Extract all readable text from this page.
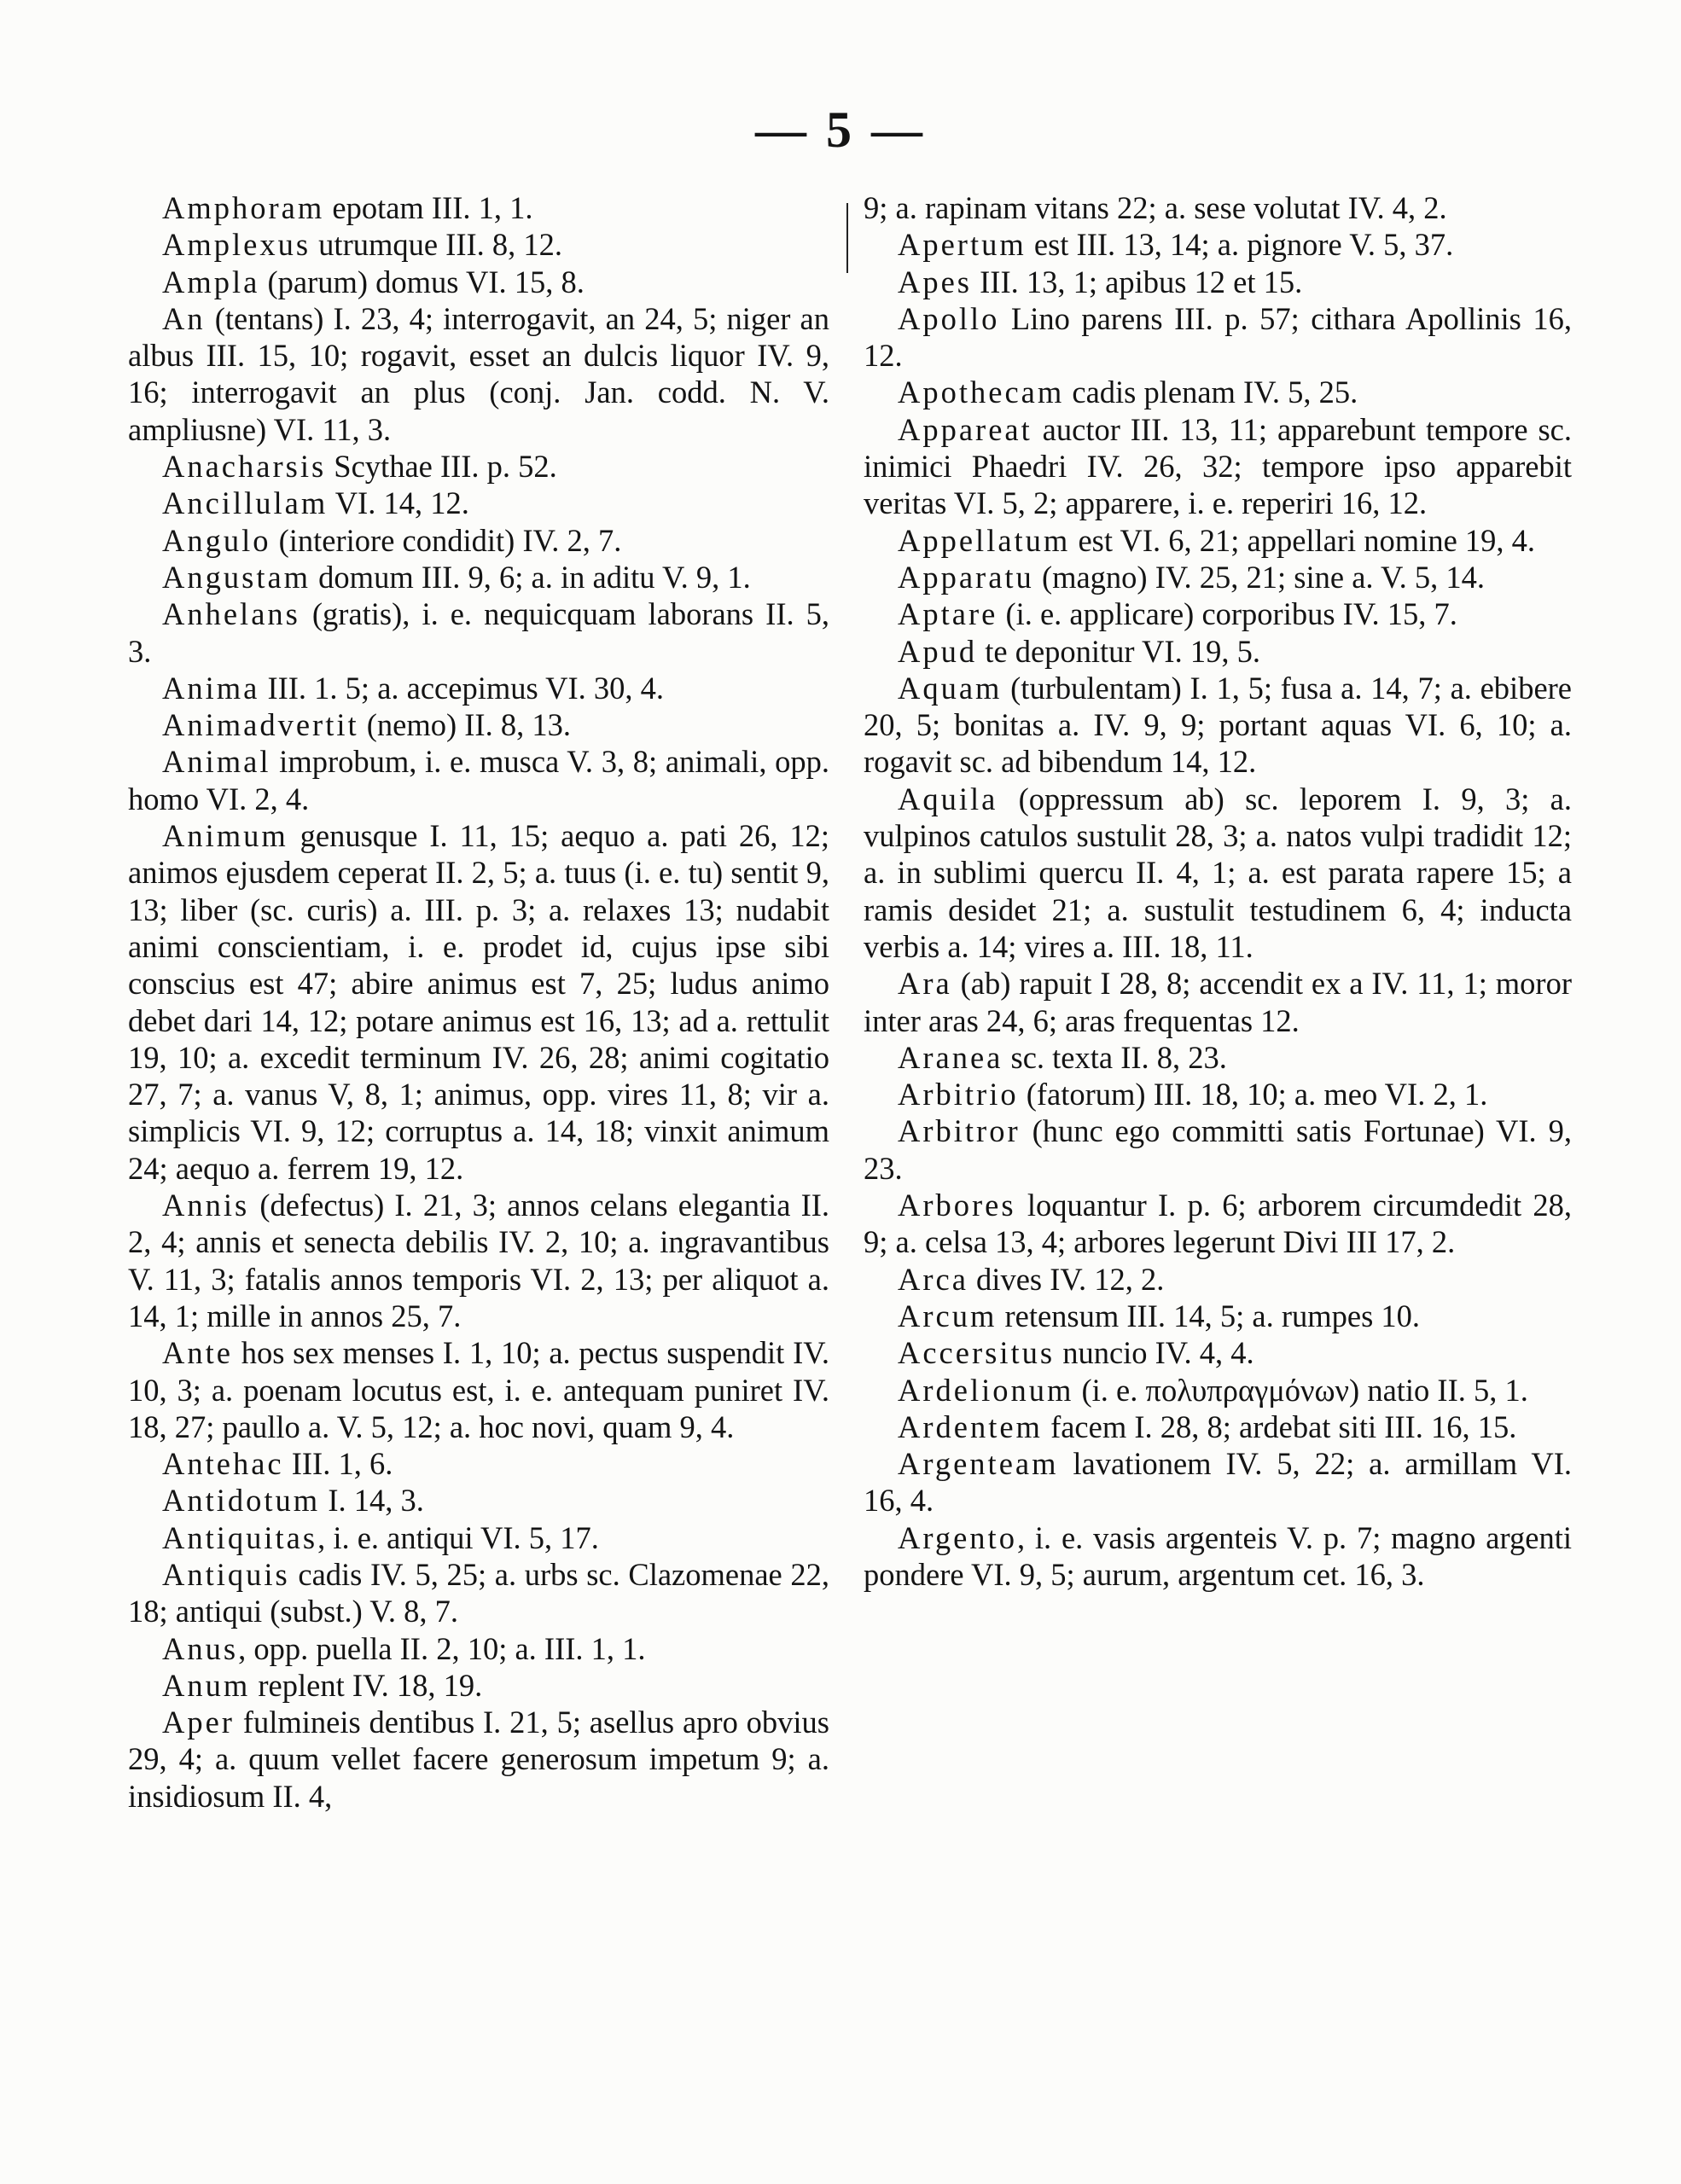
— 5 —

Amphoram epotam III. 1, 1.

Amplexus utrumque III. 8, 12.

Ampla (parum) domus VI. 15, 8.

An (tentans) I. 23, 4; interrogavit, an 24, 5; niger an albus III. 15, 10; rogavit, esset an dulcis liquor IV. 9, 16; interrogavit an plus (conj. Jan. codd. N. V. ampliusne) VI. 11, 3.

Anacharsis Scythae III. p. 52.

Ancillulam VI. 14, 12.

Angulo (interiore condidit) IV. 2, 7.

Angustam domum III. 9, 6; a. in aditu V. 9, 1.

Anhelans (gratis), i. e. nequicquam laborans II. 5, 3.

Anima III. 1. 5; a. accepimus VI. 30, 4.

Animadvertit (nemo) II. 8, 13.

Animal improbum, i. e. musca V. 3, 8; animali, opp. homo VI. 2, 4.

Animum genusque I. 11, 15; aequo a. pati 26, 12; animos ejusdem ceperat II. 2, 5; a. tuus (i. e. tu) sentit 9, 13; liber (sc. curis) a. III. p. 3; a. relaxes 13; nudabit animi conscientiam, i. e. prodet id, cujus ipse sibi conscius est 47; abire animus est 7, 25; ludus animo debet dari 14, 12; potare animus est 16, 13; ad a. rettulit 19, 10; a. excedit terminum IV. 26, 28; animi cogitatio 27, 7; a. vanus V, 8, 1; animus, opp. vires 11, 8; vir a. simplicis VI. 9, 12; corruptus a. 14, 18; vinxit animum 24; aequo a. ferrem 19, 12.

Annis (defectus) I. 21, 3; annos celans elegantia II. 2, 4; annis et senecta debilis IV. 2, 10; a. ingravantibus V. 11, 3; fatalis annos temporis VI. 2, 13; per aliquot a. 14, 1; mille in annos 25, 7.

Ante hos sex menses I. 1, 10; a. pectus suspendit IV. 10, 3; a. poenam locutus est, i. e. antequam puniret IV. 18, 27; paullo a. V. 5, 12; a. hoc novi, quam 9, 4.

Antehac III. 1, 6.

Antidotum I. 14, 3.

Antiquitas, i. e. antiqui VI. 5, 17.

Antiquis cadis IV. 5, 25; a. urbs sc. Clazomenae 22, 18; antiqui (subst.) V. 8, 7.

Anus, opp. puella II. 2, 10; a. III. 1, 1.

Anum replent IV. 18, 19.

Aper fulmineis dentibus I. 21, 5; asellus apro obvius 29, 4; a. quum vellet facere generosum impetum 9; a. insidiosum II. 4,

9; a. rapinam vitans 22; a. sese volutat IV. 4, 2.

Apertum est III. 13, 14; a. pignore V. 5, 37.

Apes III. 13, 1; apibus 12 et 15.

Apollo Lino parens III. p. 57; cithara Apollinis 16, 12.

Apothecam cadis plenam IV. 5, 25.

Appareat auctor III. 13, 11; apparebunt tempore sc. inimici Phaedri IV. 26, 32; tempore ipso apparebit veritas VI. 5, 2; apparere, i. e. reperiri 16, 12.

Appellatum est VI. 6, 21; appellari nomine 19, 4.

Apparatu (magno) IV. 25, 21; sine a. V. 5, 14.

Aptare (i. e. applicare) corporibus IV. 15, 7.

Apud te deponitur VI. 19, 5.

Aquam (turbulentam) I. 1, 5; fusa a. 14, 7; a. ebibere 20, 5; bonitas a. IV. 9, 9; portant aquas VI. 6, 10; a. rogavit sc. ad bibendum 14, 12.

Aquila (oppressum ab) sc. leporem I. 9, 3; a. vulpinos catulos sustulit 28, 3; a. natos vulpi tradidit 12; a. in sublimi quercu II. 4, 1; a. est parata rapere 15; a ramis desidet 21; a. sustulit testudinem 6, 4; inducta verbis a. 14; vires a. III. 18, 11.

Ara (ab) rapuit I 28, 8; accendit ex a IV. 11, 1; moror inter aras 24, 6; aras frequentas 12.

Aranea sc. texta II. 8, 23.

Arbitrio (fatorum) III. 18, 10; a. meo VI. 2, 1.

Arbitror (hunc ego committi satis Fortunae) VI. 9, 23.

Arbores loquantur I. p. 6; arborem circumdedit 28, 9; a. celsa 13, 4; arbores legerunt Divi III 17, 2.

Arca dives IV. 12, 2.

Arcum retensum III. 14, 5; a. rumpes 10.

Accersitus nuncio IV. 4, 4.

Ardelionum (i. e. πολυπραγμόνων) natio II. 5, 1.

Ardentem facem I. 28, 8; ardebat siti III. 16, 15.

Argenteam lavationem IV. 5, 22; a. armillam VI. 16, 4.

Argento, i. e. vasis argenteis V. p. 7; magno argenti pondere VI. 9, 5; aurum, argentum cet. 16, 3.
